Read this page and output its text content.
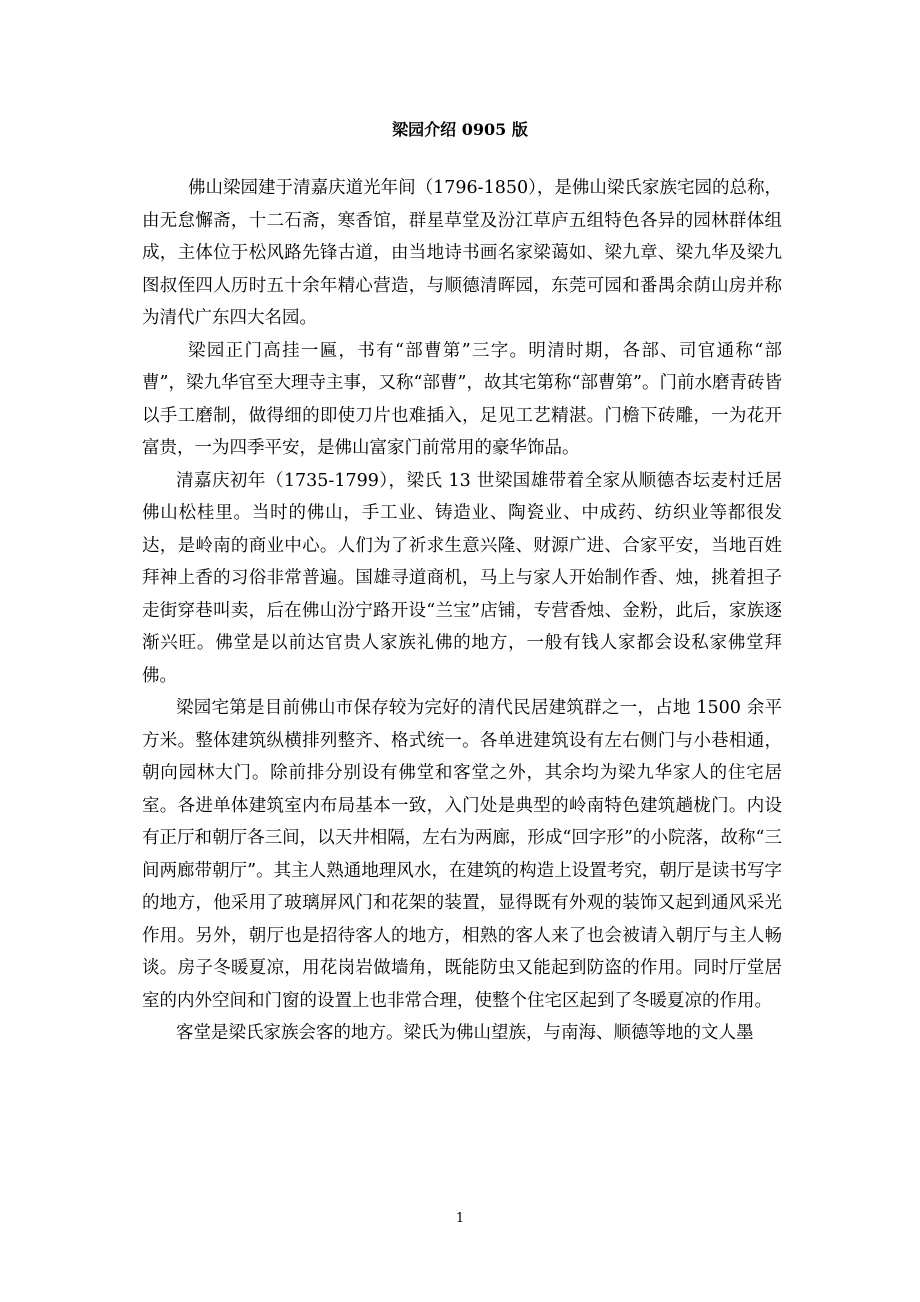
梁园介绍 0905 版

佛山梁园建于清嘉庆道光年间（1796-1850），是佛山梁氏家族宅园的总称，由无怠懈斋，十二石斋，寒香馆，群星草堂及汾江草庐五组特色各异的园林群体组成，主体位于松风路先锋古道，由当地诗书画名家梁蔼如、梁九章、梁九华及梁九图叔侄四人历时五十余年精心营造，与顺德清晖园，东莞可园和番禺余荫山房并称为清代广东四大名园。

梁园正门高挂一匾，书有“部曹第”三字。明清时期，各部、司官通称“部曹”，梁九华官至大理寺主事，又称“部曹”，故其宅第称“部曹第”。门前水磨青砖皆以手工磨制，做得细的即使刀片也难插入，足见工艺精湛。门檐下砖雕，一为花开富贵，一为四季平安，是佛山富家门前常用的豪华饰品。

清嘉庆初年（1735-1799），梁氏 13 世梁国雄带着全家从顺德杏坛麦村迁居佛山松桂里。当时的佛山，手工业、铸造业、陶瓷业、中成药、纺织业等都很发达，是岭南的商业中心。人们为了祈求生意兴隆、财源广进、合家平安，当地百姓拜神上香的习俗非常普遍。国雄寻道商机，马上与家人开始制作香、烛，挑着担子走街穿巷叫卖，后在佛山汾宁路开设“兰宝”店铺，专营香烛、金粉，此后，家族逐渐兴旺。佛堂是以前达官贵人家族礼佛的地方，一般有钱人家都会设私家佛堂拜佛。

梁园宅第是目前佛山市保存较为完好的清代民居建筑群之一，占地 1500 余平方米。整体建筑纵横排列整齐、格式统一。各单进建筑设有左右侧门与小巷相通，朝向园林大门。除前排分别设有佛堂和客堂之外，其余均为梁九华家人的住宅居室。各进单体建筑室内布局基本一致，入门处是典型的岭南特色建筑趟栊门。内设有正厅和朝厅各三间，以天井相隔，左右为两廊，形成“回字形”的小院落，故称“三间两廊带朝厅”。其主人熟通地理风水，在建筑的构造上设置考究，朝厅是读书写字的地方，他采用了玻璃屏风门和花架的装置，显得既有外观的装饰又起到通风采光作用。另外，朝厅也是招待客人的地方，相熟的客人来了也会被请入朝厅与主人畅谈。房子冬暖夏凉，用花岗岩做墙角，既能防虫又能起到防盗的作用。同时厅堂居室的内外空间和门窗的设置上也非常合理，使整个住宅区起到了冬暖夏凉的作用。

客堂是梁氏家族会客的地方。梁氏为佛山望族，与南海、顺德等地的文人墨

1
